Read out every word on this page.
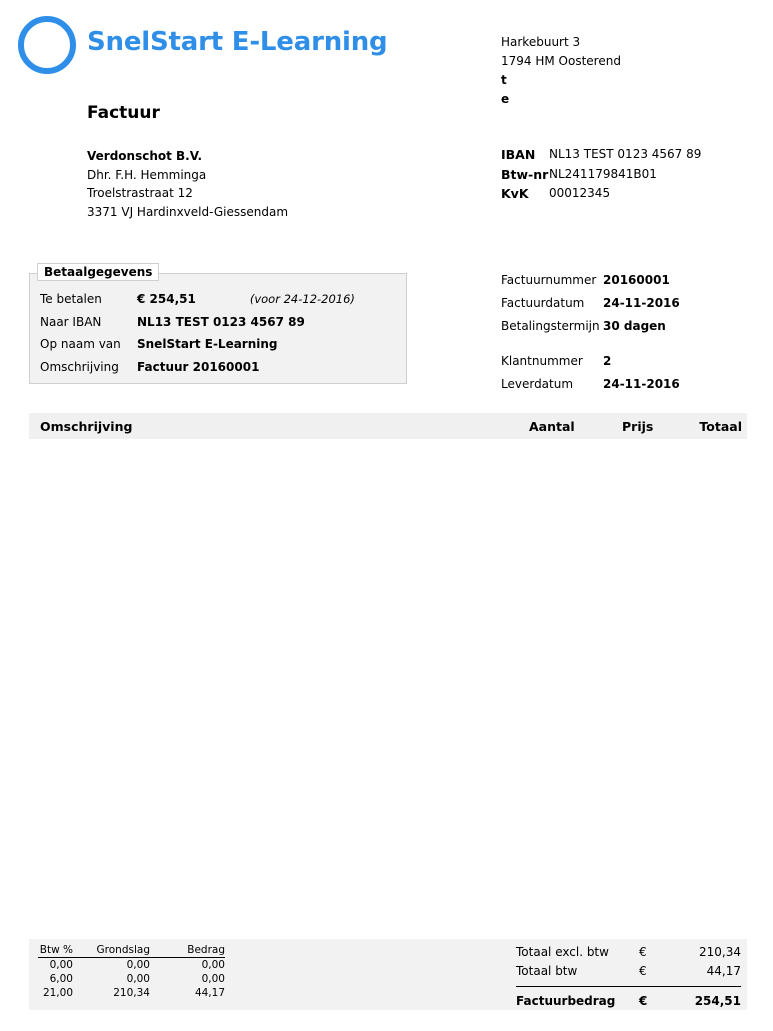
SnelStart E-Learning
Factuur
Verdonschot B.V.
Dhr. F.H. Hemminga
Troelstrastraat 12
3371 VJ Hardinxveld-Giessendam
Harkebuurt 3
1794 HM Oosterend
t
e
IBAN	NL13 TEST 0123 4567 89
Btw-nr NL241179841B01
KvK	00012345
Betaalgegevens
Te betalen	€ 254,51	(voor 24-12-2016)
Naar IBAN	NL13 TEST 0123 4567 89
Op naam van	SnelStart E-Learning
Omschrijving	Factuur 20160001
Factuurnummer 20160001
Factuurdatum	24-11-2016
Betalingstermijn 30 dagen
Klantnummer	2
Leverdatum	24-11-2016
Omschrijving	Aantal	Prijs	Totaal
Btw %	Grondslag	Bedrag
0,00	0,00	0,00
6,00	0,00	0,00
21,00	210,34	44,17
Totaal excl. btw	€	210,34
Totaal btw	€	44,17
Factuurbedrag	€	254,51
